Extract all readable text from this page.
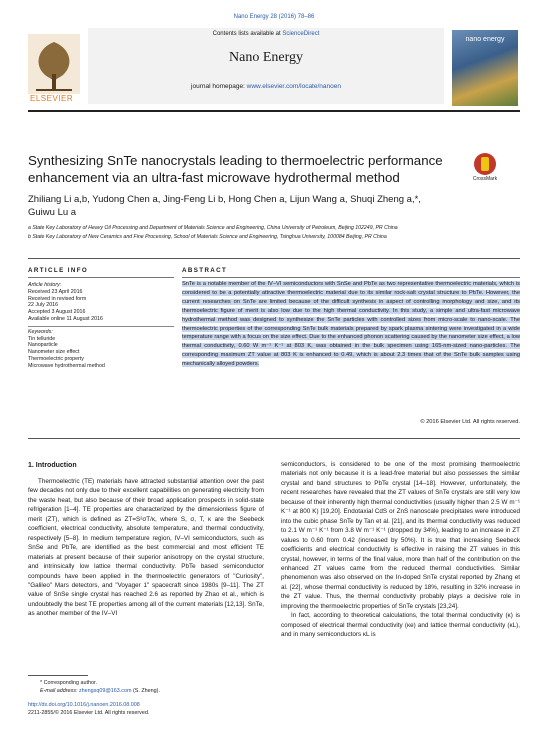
Nano Energy 28 (2016) 78–86
ELSEVIER
Contents lists available at ScienceDirect
Nano Energy
journal homepage: www.elsevier.com/locate/nanoen
nano energy
Synthesizing SnTe nanocrystals leading to thermoelectric performance enhancement via an ultra-fast microwave hydrothermal method	CrossMark
Zhiliang Li a,b, Yudong Chen a, Jing-Feng Li b, Hong Chen a, Lijun Wang a, Shuqi Zheng a,*,
Guiwu Lu a
a State Key Laboratory of Heavy Oil Processing and Department of Materials Science and Engineering, China University of Petroleum, Beijing 102249, PR China
b State Key Laboratory of New Ceramics and Fine Processing, School of Materials Science and Engineering, Tsinghua University, 100084 Beijing, PR China
ARTICLE INFO	ABSTRACT
Article history:
Received 23 April 2016
Received in revised form
22 July 2016
Accepted 3 August 2016
Available online 11 August 2016
Keywords:
Tin telluride
Nanoparticle
Nanometer size effect
Thermoelectric property
Microwave hydrothermal method
SnTe is a notable member of the IV–VI semiconductors with SnSe and PbTe as two representative thermoelectric materials, which is considered to be a potentially attractive thermoelectric material due to its similar rock-salt crystal structure to PbTe. However, the current researches on SnTe are limited because of the difficult synthesis in aspect of controlling morphology and size, and its thermoelectric figure of merit is also low due to the high thermal conductivity. In this study, a simple and ultra-fast microwave hydrothermal method was designed to synthesize the SnTe particles with controlled sizes from micro-scale to nano-scale. The thermoelectric properties of the corresponding SnTe bulk materials prepared by spark plasma sintering were investigated in a wide temperature range with a focus on the size effect. Due to the enhanced phonon scattering caused by the nanometer size effect, a low thermal conductivity, 0.60 W m⁻¹ K⁻¹ at 803 K, was obtained in the bulk specimen using 165-nm-sized nano-particles. The corresponding maximum ZT value at 803 K is enhanced to 0.49, which is about 2.3 times that of the SnTe bulk samples using mechanically alloyed powders.
© 2016 Elsevier Ltd. All rights reserved.
1. Introduction

Thermoelectric (TE) materials have attracted substantial attention over the past few decades not only due to their excellent capabilities on generating electricity from the waste heat, but also because of their broad application prospects in solid-state refrigeration [1–4]. TE properties are characterized by the dimensionless figure of merit (ZT), which is defined as ZT=S²σT/κ, where S, σ, T, κ are the Seebeck coefficient, electrical conductivity, absolute temperature, and thermal conductivity, respectively [5–8]. In medium temperature region, IV–VI semiconductors, such as SnSe and PbTe, are identified as the best commercial and most efficient TE materials at present because of their superior anisotropy on the crystal structure, and intrinsically low lattice thermal conductivity. PbTe based semiconductor compounds have been applied in the thermoelectric generators of "Curiosity", "Galileo" Mars detectors, and "Voyager 1" spacecraft since 1980s [9–11]. The ZT value of SnSe single crystal has reached 2.6 as reported by Zhao et al., which is undoubtedly the best TE properties among all of the current materials [12,13]. SnTe, as another member of the IV–VI

semiconductors, is considered to be one of the most promising thermoelectric materials not only because it is a lead-free material but also possesses the similar crystal and band structures to PbTe crystal [14–18]. However, unfortunately, the recent researches have revealed that the ZT values of SnTe crystals are still very low because of their inherently high thermal conductivities (usually higher than 2.5 W m⁻¹ K⁻¹ at 800 K) [19,20]. Endotaxial CdS or ZnS nanoscale precipitates were introduced into the cubic phase SnTe by Tan et al. [21], and its thermal conductivity was reduced to 2.1 W m⁻¹ K⁻¹ from 3.8 W m⁻¹ K⁻¹ (dropped by 34%), leading to an increase in ZT values to 0.60 from 0.42 (increased by 50%). It is true that increasing Seebeck coefficients and electrical conductivity is effective in raising the ZT values in this crystal, however, in terms of the final value, more than half of the contribution on the enhanced ZT values came from the reduced thermal conductivities. Similar phenomenon was also observed on the In-doped SnTe crystal reported by Zhang et al. [22], whose thermal conductivity is reduced by 18%, resulting in 32% increase in the ZT value. Thus, the thermal conductivity probably plays a decisive role in improving the thermoelectric properties of SnTe crystals [23,24].

In fact, according to theoretical calculations, the total thermal conductivity (κ) is composed of electrical thermal conductivity (κe) and lattice thermal conductivity (κL), and in many semiconductors κL is

* Corresponding author.
E-mail address: zhengsq09@163.com (S. Zheng).
http://dx.doi.org/10.1016/j.nanoen.2016.08.008
2211-2855/© 2016 Elsevier Ltd. All rights reserved.
